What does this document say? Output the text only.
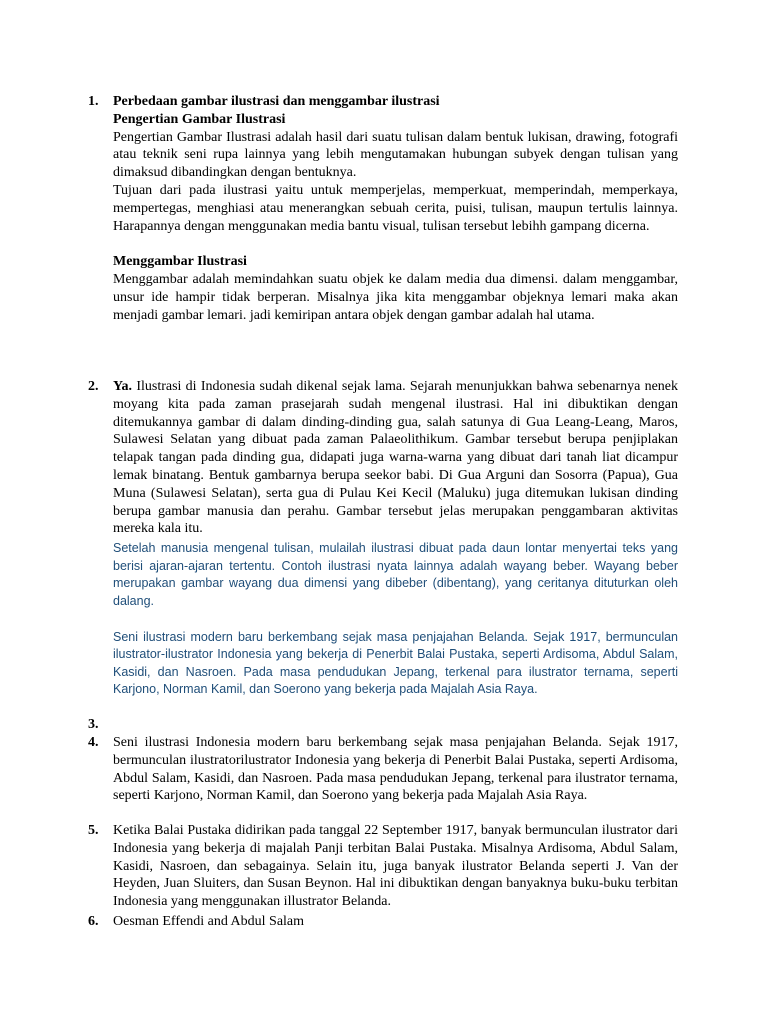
1.	Perbedaan gambar ilustrasi dan menggambar ilustrasi

Pengertian Gambar Ilustrasi

Pengertian Gambar Ilustrasi adalah hasil dari suatu tulisan dalam bentuk lukisan, drawing, fotografi atau teknik seni rupa lainnya yang lebih mengutamakan hubungan subyek dengan tulisan yang dimaksud dibandingkan dengan bentuknya.

Tujuan dari pada ilustrasi yaitu untuk memperjelas, memperkuat, memperindah, memperkaya, mempertegas, menghiasi atau menerangkan sebuah cerita, puisi, tulisan, maupun tertulis lainnya. Harapannya dengan menggunakan media bantu visual, tulisan tersebut lebihh gampang dicerna.

Menggambar Ilustrasi

Menggambar adalah memindahkan suatu objek ke dalam media dua dimensi. dalam menggambar, unsur ide hampir tidak berperan. Misalnya jika kita menggambar objeknya lemari maka akan menjadi gambar lemari. jadi kemiripan antara objek dengan gambar adalah hal utama.

2.	Ya. Ilustrasi di Indonesia sudah dikenal sejak lama. Sejarah menunjukkan bahwa sebenarnya nenek moyang kita pada zaman prasejarah sudah mengenal ilustrasi. Hal ini dibuktikan dengan ditemukannya gambar di dalam dinding-dinding gua, salah satunya di Gua Leang-Leang, Maros, Sulawesi Selatan yang dibuat pada zaman Palaeolithikum. Gambar tersebut berupa penjiplakan telapak tangan pada dinding gua, didapati juga warna-warna yang dibuat dari tanah liat dicampur lemak binatang. Bentuk gambarnya berupa seekor babi. Di Gua Arguni dan Sosorra (Papua), Gua Muna (Sulawesi Selatan), serta gua di Pulau Kei Kecil (Maluku) juga ditemukan lukisan dinding berupa gambar manusia dan perahu. Gambar tersebut jelas merupakan penggambaran aktivitas mereka kala itu.

Setelah manusia mengenal tulisan, mulailah ilustrasi dibuat pada daun lontar menyertai teks yang berisi ajaran-ajaran tertentu. Contoh ilustrasi nyata lainnya adalah wayang beber. Wayang beber merupakan gambar wayang dua dimensi yang dibeber (dibentang), yang ceritanya dituturkan oleh dalang.

Seni ilustrasi modern baru berkembang sejak masa penjajahan Belanda. Sejak 1917, bermunculan ilustrator-ilustrator Indonesia yang bekerja di Penerbit Balai Pustaka, seperti Ardisoma, Abdul Salam, Kasidi, dan Nasroen. Pada masa pendudukan Jepang, terkenal para ilustrator ternama, seperti Karjono, Norman Kamil, dan Soerono yang bekerja pada Majalah Asia Raya.

3.
4.	Seni ilustrasi Indonesia modern baru berkembang sejak masa penjajahan Belanda. Sejak 1917, bermunculan ilustratorilustrator Indonesia yang bekerja di Penerbit Balai Pustaka, seperti Ardisoma, Abdul Salam, Kasidi, dan Nasroen. Pada masa pendudukan Jepang, terkenal para ilustrator ternama, seperti Karjono, Norman Kamil, dan Soerono yang bekerja pada Majalah Asia Raya.
5.	Ketika Balai Pustaka didirikan pada tanggal 22 September 1917, banyak bermunculan ilustrator dari Indonesia yang bekerja di majalah Panji terbitan Balai Pustaka. Misalnya Ardisoma, Abdul Salam, Kasidi, Nasroen, dan sebagainya. Selain itu, juga banyak ilustrator Belanda seperti J. Van der Heyden, Juan Sluiters, dan Susan Beynon. Hal ini dibuktikan dengan banyaknya buku-buku terbitan Indonesia yang menggunakan illustrator Belanda.
6.	Oesman Effendi and Abdul Salam
